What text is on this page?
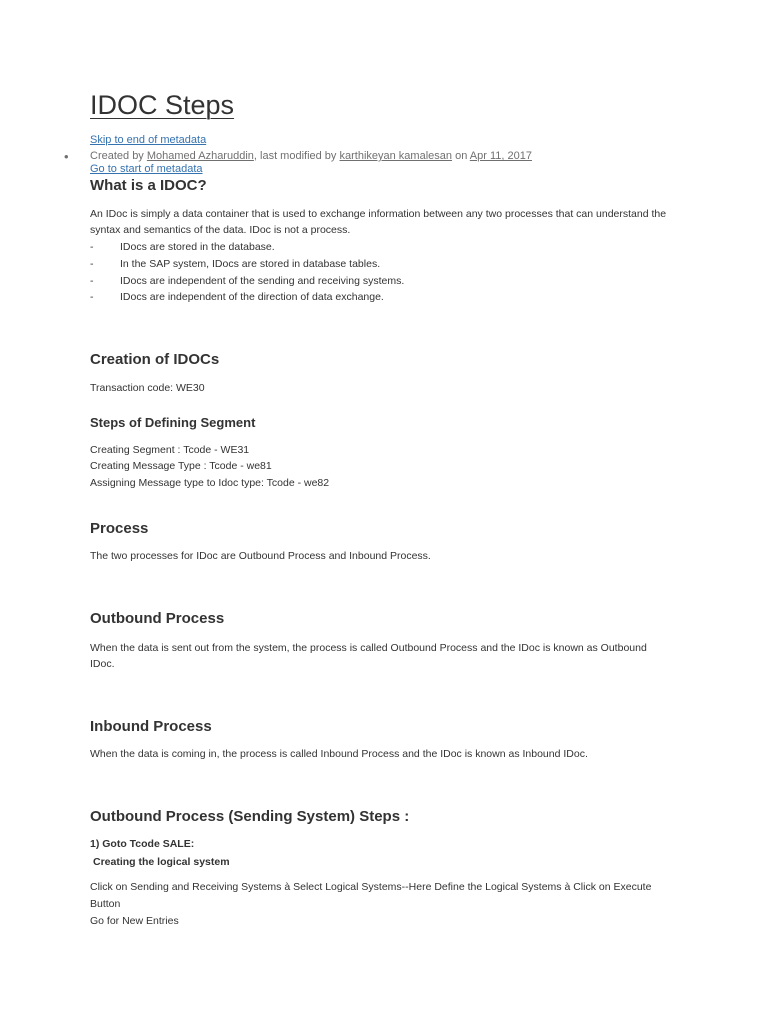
IDOC Steps
Skip to end of metadata
• Created by Mohamed Azharuddin, last modified by karthikeyan kamalesan on Apr 11, 2017
Go to start of metadata
What is a IDOC?

An IDoc is simply a data container that is used to exchange information between any two processes that can understand the

syntax and semantics of the data. IDoc is not a process.

-	IDocs are stored in the database.
-	In the SAP system, IDocs are stored in database tables.
-	IDocs are independent of the sending and receiving systems.
-	IDocs are independent of the direction of data exchange.
Creation of IDOCs

Transaction code: WE30

Steps of Defining Segment

Creating Segment : Tcode - WE31

Creating Message Type : Tcode - we81

Assigning Message type to Idoc type: Tcode - we82

Process

The two processes for IDoc are Outbound Process and Inbound Process.

Outbound Process

When the data is sent out from the system, the process is called Outbound Process and the IDoc is known as Outbound

IDoc.

Inbound Process

When the data is coming in, the process is called Inbound Process and the IDoc is known as Inbound IDoc.

Outbound Process (Sending System) Steps :
1) Goto Tcode SALE:
Creating the logical system

Click on Sending and Receiving Systems à Select Logical Systems--Here Define the Logical Systems à Click on Execute

Button

Go for New Entries
